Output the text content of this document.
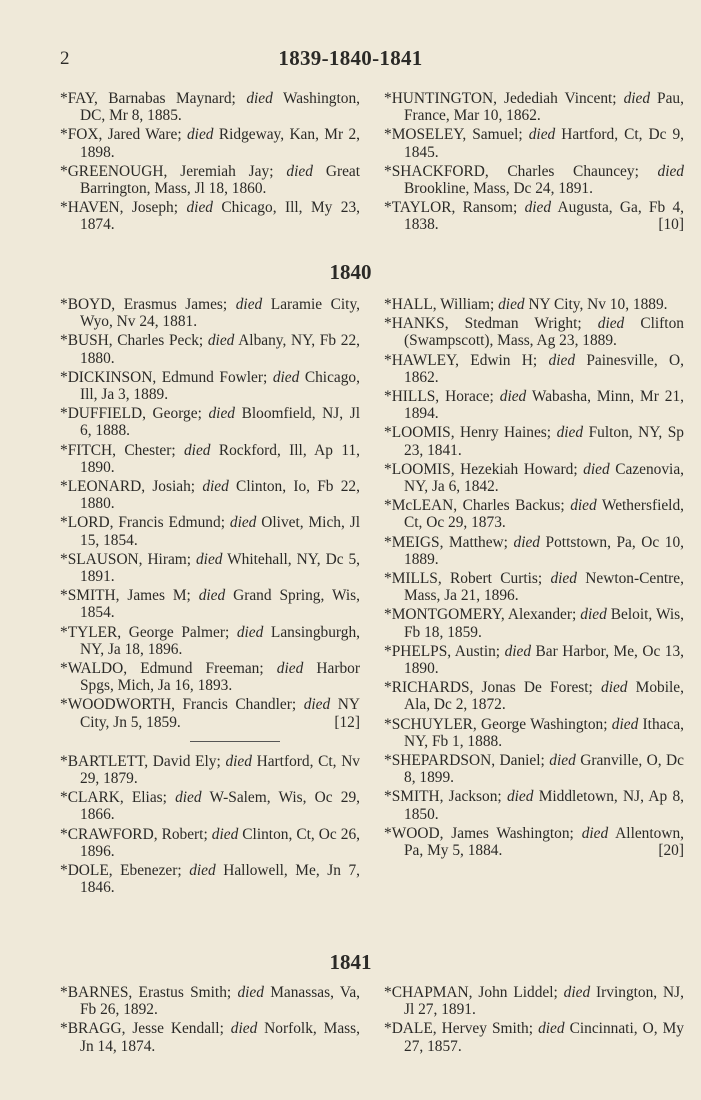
2	1839-1840-1841
*FAY, Barnabas Maynard; died Washington, DC, Mr 8, 1885.
*FOX, Jared Ware; died Ridgeway, Kan, Mr 2, 1898.
*GREENOUGH, Jeremiah Jay; died Great Barrington, Mass, Jl 18, 1860.
*HAVEN, Joseph; died Chicago, Ill, My 23, 1874.
*HUNTINGTON, Jedediah Vincent; died Pau, France, Mar 10, 1862.
*MOSELEY, Samuel; died Hartford, Ct, Dc 9, 1845.
*SHACKFORD, Charles Chauncey; died Brookline, Mass, Dc 24, 1891.
*TAYLOR, Ransom; died Augusta, Ga, Fb 4, 1838.	[10]
1840
*BOYD, Erasmus James; died Laramie City, Wyo, Nv 24, 1881.
*BUSH, Charles Peck; died Albany, NY, Fb 22, 1880.
*DICKINSON, Edmund Fowler; died Chicago, Ill, Ja 3, 1889.
*DUFFIELD, George; died Bloomfield, NJ, Jl 6, 1888.
*FITCH, Chester; died Rockford, Ill, Ap 11, 1890.
*LEONARD, Josiah; died Clinton, Io, Fb 22, 1880.
*LORD, Francis Edmund; died Olivet, Mich, Jl 15, 1854.
*SLAUSON, Hiram; died Whitehall, NY, Dc 5, 1891.
*SMITH, James M; died Grand Spring, Wis, 1854.
*TYLER, George Palmer; died Lansingburgh, NY, Ja 18, 1896.
*WALDO, Edmund Freeman; died Harbor Spgs, Mich, Ja 16, 1893.
*WOODWORTH, Francis Chandler; died NY City, Jn 5, 1859.	[12]
*BARTLETT, David Ely; died Hartford, Ct, Nv 29, 1879.
*CLARK, Elias; died W-Salem, Wis, Oc 29, 1866.
*CRAWFORD, Robert; died Clinton, Ct, Oc 26, 1896.
*DOLE, Ebenezer; died Hallowell, Me, Jn 7, 1846.
*HALL, William; died NY City, Nv 10, 1889.
*HANKS, Stedman Wright; died Clifton (Swampscott), Mass, Ag 23, 1889.
*HAWLEY, Edwin H; died Painesville, O, 1862.
*HILLS, Horace; died Wabasha, Minn, Mr 21, 1894.
*LOOMIS, Henry Haines; died Fulton, NY, Sp 23, 1841.
*LOOMIS, Hezekiah Howard; died Cazenovia, NY, Ja 6, 1842.
*McLEAN, Charles Backus; died Wethersfield, Ct, Oc 29, 1873.
*MEIGS, Matthew; died Pottstown, Pa, Oc 10, 1889.
*MILLS, Robert Curtis; died Newton-Centre, Mass, Ja 21, 1896.
*MONTGOMERY, Alexander; died Beloit, Wis, Fb 18, 1859.
*PHELPS, Austin; died Bar Harbor, Me, Oc 13, 1890.
*RICHARDS, Jonas De Forest; died Mobile, Ala, Dc 2, 1872.
*SCHUYLER, George Washington; died Ithaca, NY, Fb 1, 1888.
*SHEPARDSON, Daniel; died Granville, O, Dc 8, 1899.
*SMITH, Jackson; died Middletown, NJ, Ap 8, 1850.
*WOOD, James Washington; died Allentown, Pa, My 5, 1884.	[20]
1841
*BARNES, Erastus Smith; died Manassas, Va, Fb 26, 1892.
*BRAGG, Jesse Kendall; died Norfolk, Mass, Jn 14, 1874.
*CHAPMAN, John Liddel; died Irvington, NJ, Jl 27, 1891.
*DALE, Hervey Smith; died Cincinnati, O, My 27, 1857.
